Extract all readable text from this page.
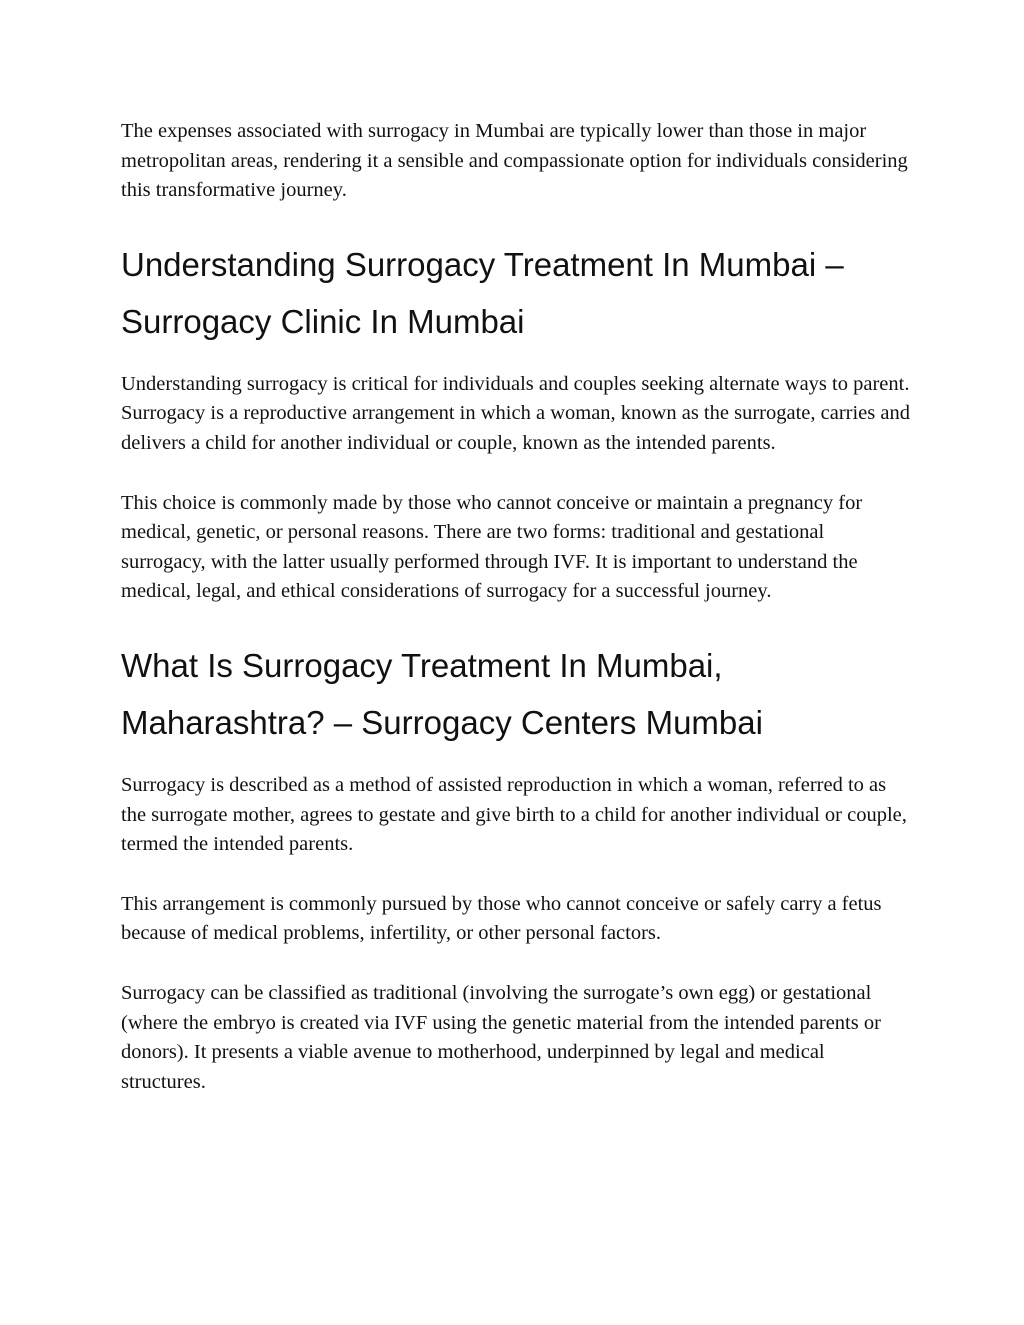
The expenses associated with surrogacy in Mumbai are typically lower than those in major metropolitan areas, rendering it a sensible and compassionate option for individuals considering this transformative journey.

Understanding Surrogacy Treatment In Mumbai – Surrogacy Clinic In Mumbai

Understanding surrogacy is critical for individuals and couples seeking alternate ways to parent. Surrogacy is a reproductive arrangement in which a woman, known as the surrogate, carries and delivers a child for another individual or couple, known as the intended parents.

This choice is commonly made by those who cannot conceive or maintain a pregnancy for medical, genetic, or personal reasons. There are two forms: traditional and gestational surrogacy, with the latter usually performed through IVF. It is important to understand the medical, legal, and ethical considerations of surrogacy for a successful journey.

What Is Surrogacy Treatment In Mumbai, Maharashtra? – Surrogacy Centers Mumbai

Surrogacy is described as a method of assisted reproduction in which a woman, referred to as the surrogate mother, agrees to gestate and give birth to a child for another individual or couple, termed the intended parents.

This arrangement is commonly pursued by those who cannot conceive or safely carry a fetus because of medical problems, infertility, or other personal factors.

Surrogacy can be classified as traditional (involving the surrogate’s own egg) or gestational (where the embryo is created via IVF using the genetic material from the intended parents or donors). It presents a viable avenue to motherhood, underpinned by legal and medical structures.
